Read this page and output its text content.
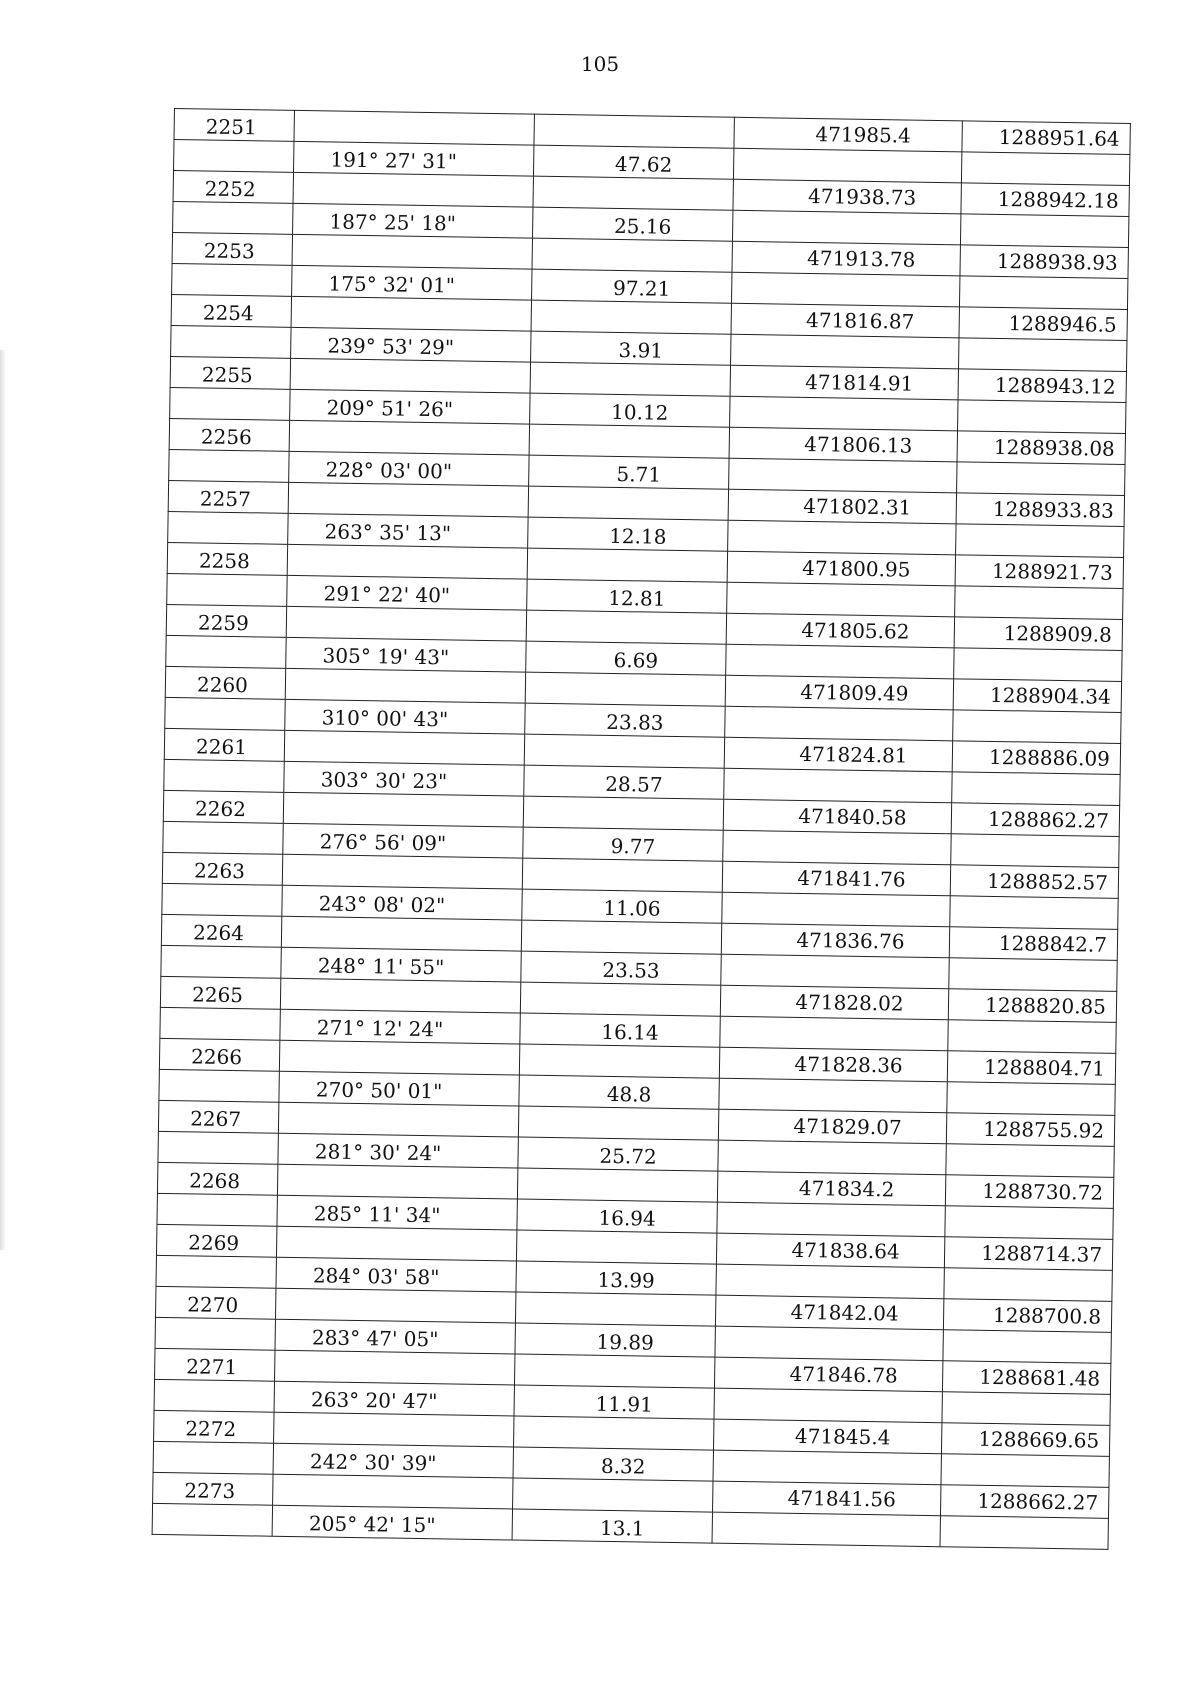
105
2251			471985.4	1288951.64
	191° 27' 31"	47.62		
2252			471938.73	1288942.18
	187° 25' 18"	25.16		
2253			471913.78	1288938.93
	175° 32' 01"	97.21		
2254			471816.87	1288946.5
	239° 53' 29"	3.91		
2255			471814.91	1288943.12
	209° 51' 26"	10.12		
2256			471806.13	1288938.08
	228° 03' 00"	5.71		
2257			471802.31	1288933.83
	263° 35' 13"	12.18		
2258			471800.95	1288921.73
	291° 22' 40"	12.81		
2259			471805.62	1288909.8
	305° 19' 43"	6.69		
2260			471809.49	1288904.34
	310° 00' 43"	23.83		
2261			471824.81	1288886.09
	303° 30' 23"	28.57		
2262			471840.58	1288862.27
	276° 56' 09"	9.77		
2263			471841.76	1288852.57
	243° 08' 02"	11.06		
2264			471836.76	1288842.7
	248° 11' 55"	23.53		
2265			471828.02	1288820.85
	271° 12' 24"	16.14		
2266			471828.36	1288804.71
	270° 50' 01"	48.8		
2267			471829.07	1288755.92
	281° 30' 24"	25.72		
2268			471834.2	1288730.72
	285° 11' 34"	16.94		
2269			471838.64	1288714.37
	284° 03' 58"	13.99		
2270			471842.04	1288700.8
	283° 47' 05"	19.89		
2271			471846.78	1288681.48
	263° 20' 47"	11.91		
2272			471845.4	1288669.65
	242° 30' 39"	8.32		
2273			471841.56	1288662.27
	205° 42' 15"	13.1		
